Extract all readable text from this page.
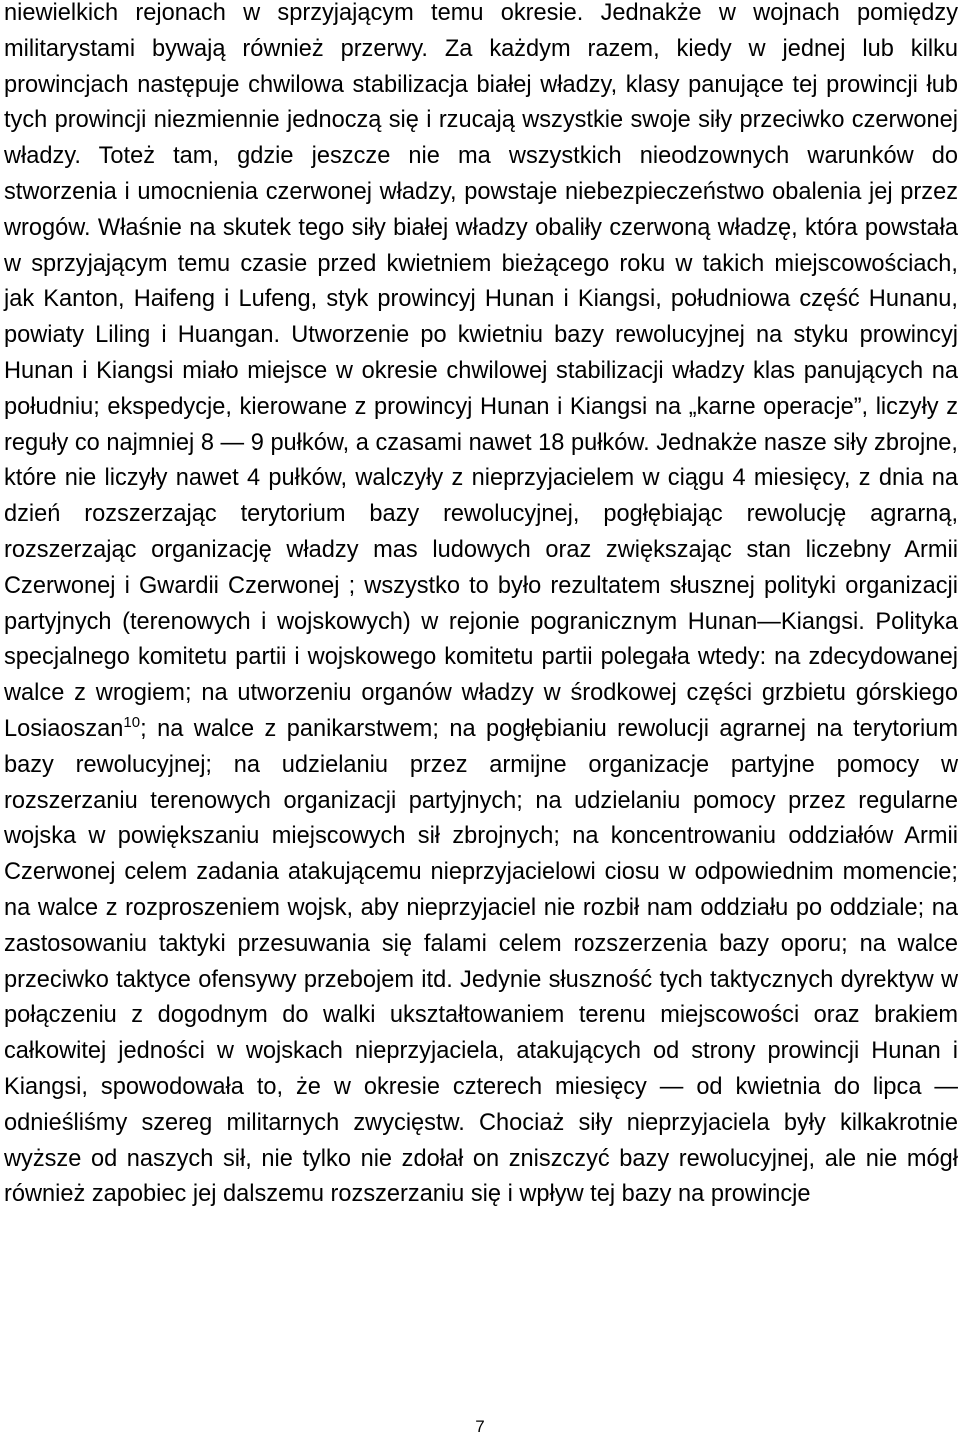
niewielkich rejonach w sprzyjającym temu okresie. Jednakże w wojnach pomiędzy militarystami bywają również przerwy. Za każdym razem, kiedy w jednej lub kilku prowincjach następuje chwilowa stabilizacja białej władzy, klasy panujące tej prowincji łub tych prowincji niezmiennie jednoczą się i rzucają wszystkie swoje siły przeciwko czerwonej władzy. Toteż tam, gdzie jeszcze nie ma wszystkich nieodzownych warunków do stworzenia i umocnienia czerwonej władzy, powstaje niebezpieczeństwo obalenia jej przez wrogów. Właśnie na skutek tego siły białej władzy obaliły czerwoną władzę, która powstała w sprzyjającym temu czasie przed kwietniem bieżącego roku w takich miejscowościach, jak Kanton, Haifeng i Lufeng, styk prowincyj Hunan i Kiangsi, południowa część Hunanu, powiaty Liling i Huangan. Utworzenie po kwietniu bazy rewolucyjnej na styku prowincyj Hunan i Kiangsi miało miejsce w okresie chwilowej stabilizacji władzy klas panujących na południu; ekspedycje, kierowane z prowincyj Hunan i Kiangsi na „karne operacje”, liczyły z reguły co najmniej 8 — 9 pułków, a czasami nawet 18 pułków. Jednakże nasze siły zbrojne, które nie liczyły nawet 4 pułków, walczyły z nieprzyjacielem w ciągu 4 miesięcy, z dnia na dzień rozszerzając terytorium bazy rewolucyjnej, pogłębiając rewolucję agrarną, rozszerzając organizację władzy mas ludowych oraz zwiększając stan liczebny Armii Czerwonej i Gwardii Czerwonej ; wszystko to było rezultatem słusznej polityki organizacji partyjnych (terenowych i wojskowych) w rejonie pogranicznym Hunan—Kiangsi. Polityka specjalnego komitetu partii i wojskowego komitetu partii polegała wtedy: na zdecydowanej walce z wrogiem; na utworzeniu organów władzy w środkowej części grzbietu górskiego Losiaoszan$^{10}$; na walce z panikarstwem; na pogłębianiu rewolucji agrarnej na terytorium bazy rewolucyjnej; na udzielaniu przez armijne organizacje partyjne pomocy w rozszerzaniu terenowych organizacji partyjnych; na udzielaniu pomocy przez regularne wojska w powiększaniu miejscowych sił zbrojnych; na koncentrowaniu oddziałów Armii Czerwonej celem zadania atakującemu nieprzyjacielowi ciosu w odpowiednim momencie; na walce z rozproszeniem wojsk, aby nieprzyjaciel nie rozbił nam oddziału po oddziale; na zastosowaniu taktyki przesuwania się falami celem rozszerzenia bazy oporu; na walce przeciwko taktyce ofensywy przebojem itd. Jedynie słuszność tych taktycznych dyrektyw w połączeniu z dogodnym do walki ukształtowaniem terenu miejscowości oraz brakiem całkowitej jedności w wojskach nieprzyjaciela, atakujących od strony prowincji Hunan i Kiangsi, spowodowała to, że w okresie czterech miesięcy — od kwietnia do lipca — odnieśliśmy szereg militarnych zwycięstw. Chociaż siły nieprzyjaciela były kilkakrotnie wyższe od naszych sił, nie tylko nie zdołał on zniszczyć bazy rewolucyjnej, ale nie mógł również zapobiec jej dalszemu rozszerzaniu się i wpływ tej bazy na prowincje

7
